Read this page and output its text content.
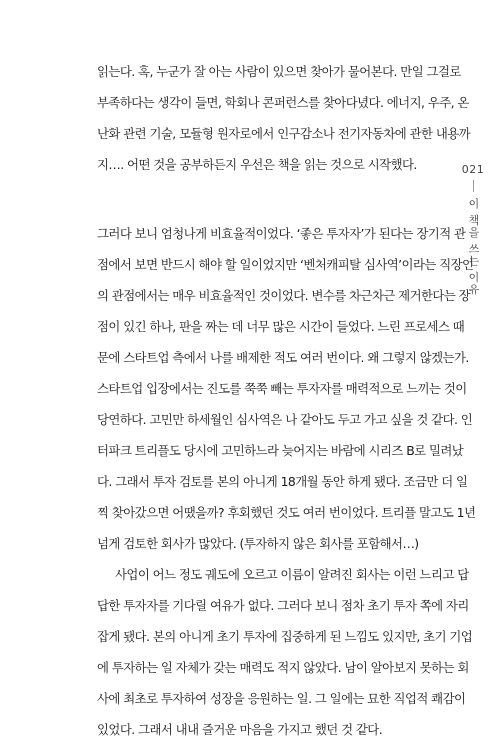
읽는다. 혹, 누군가 잘 아는 사람이 있으면 찾아가 물어본다. 만일 그걸로
부족하다는 생각이 들면, 학회나 콘퍼런스를 찾아다녔다. 에너지, 우주, 온
난화 관련 기술, 모듈형 원자로에서 인구감소나 전기자동차에 관한 내용까
지…. 어떤 것을 공부하든지 우선은 책을 읽는 것으로 시작했다.
그러다 보니 엄청나게 비효율적이었다. ‘좋은 투자자’가 된다는 장기적 관
점에서 보면 반드시 해야 할 일이었지만 ‘벤처캐피탈 심사역’이라는 직장인
의 관점에서는 매우 비효율적인 것이었다. 변수를 차근차근 제거한다는 장
점이 있긴 하나, 판을 짜는 데 너무 많은 시간이 들었다. 느린 프로세스 때
문에 스타트업 측에서 나를 배제한 적도 여러 번이다. 왜 그렇지 않겠는가.
스타트업 입장에서는 진도를 쭉쭉 빼는 투자자를 매력적으로 느끼는 것이
당연하다. 고민만 하세월인 심사역은 나 같아도 두고 가고 싶을 것 같다. 인
터파크 트리플도 당시에 고민하느라 늦어지는 바람에 시리즈 B로 밀려났
다. 그래서 투자 검토를 본의 아니게 18개월 동안 하게 됐다. 조금만 더 일
찍 찾아갔으면 어땠을까? 후회했던 것도 여러 번이었다. 트리플 말고도 1년
넘게 검토한 회사가 많았다. (투자하지 않은 회사를 포함해서…)
사업이 어느 정도 궤도에 오르고 이름이 알려진 회사는 이런 느리고 답
답한 투자자를 기다릴 여유가 없다. 그러다 보니 점차 초기 투자 쪽에 자리
잡게 됐다. 본의 아니게 초기 투자에 집중하게 된 느낌도 있지만, 초기 기업
에 투자하는 일 자체가 갖는 매력도 적지 않았다. 남이 알아보지 못하는 회
사에 최초로 투자하여 성장을 응원하는 일. 그 일에는 묘한 직업적 쾌감이
있었다. 그래서 내내 즐거운 마음을 가지고 했던 것 같다.
021
이 책을 쓰는 이유
